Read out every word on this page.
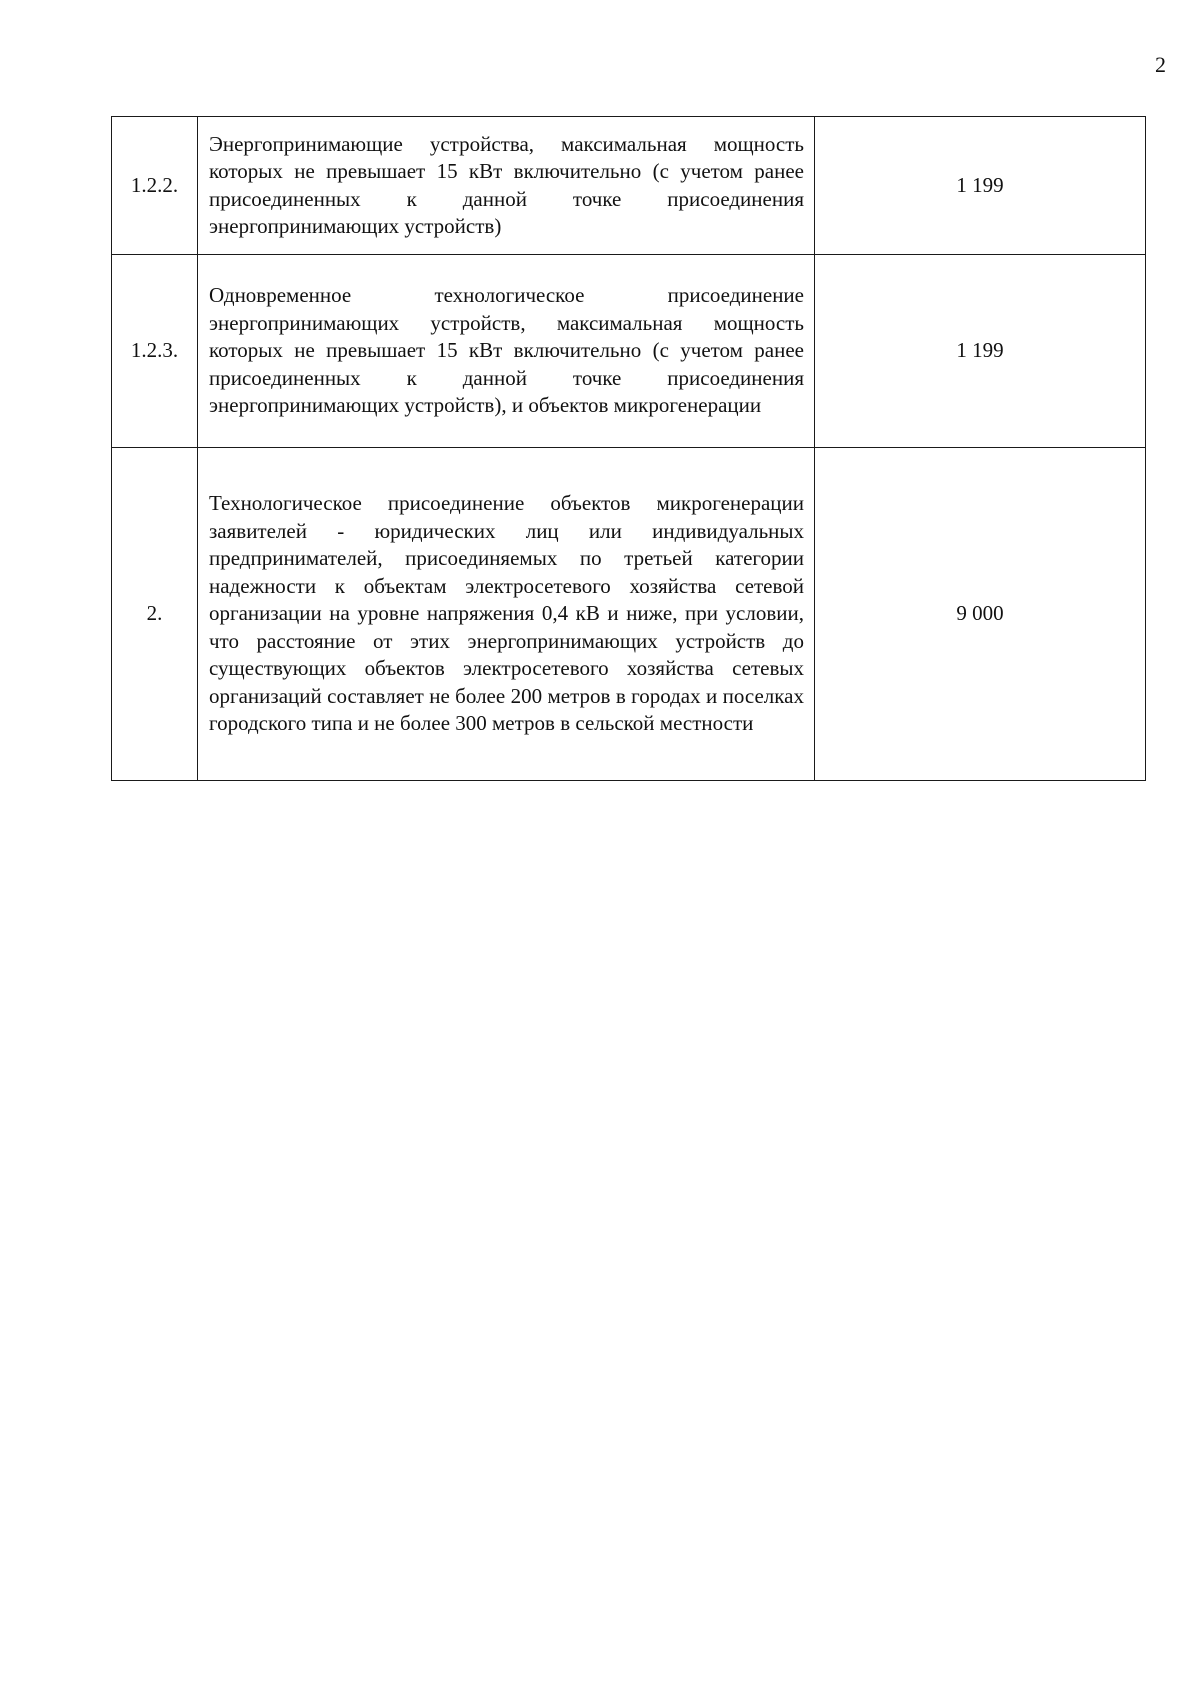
2
1.2.2.	Энергопринимающие устройства, максимальная мощность которых не превышает 15 кВт включительно (с учетом ранее присоединенных к данной точке присоединения энергопринимающих устройств)	1 199
1.2.3.	Одновременное технологическое присоединение энергопринимающих устройств, максимальная мощность которых не превышает 15 кВт включительно (с учетом ранее присоединенных к данной точке присоединения энергопринимающих устройств), и объектов микрогенерации	1 199
2.	Технологическое присоединение объектов микрогенерации заявителей - юридических лиц или индивидуальных предпринимателей, присоединяемых по третьей категории надежности к объектам электросетевого хозяйства сетевой организации на уровне напряжения 0,4 кВ и ниже, при условии, что расстояние от этих энергопринимающих устройств до существующих объектов электросетевого хозяйства сетевых организаций составляет не более 200 метров в городах и поселках городского типа и не более 300 метров в сельской местности	9 000
